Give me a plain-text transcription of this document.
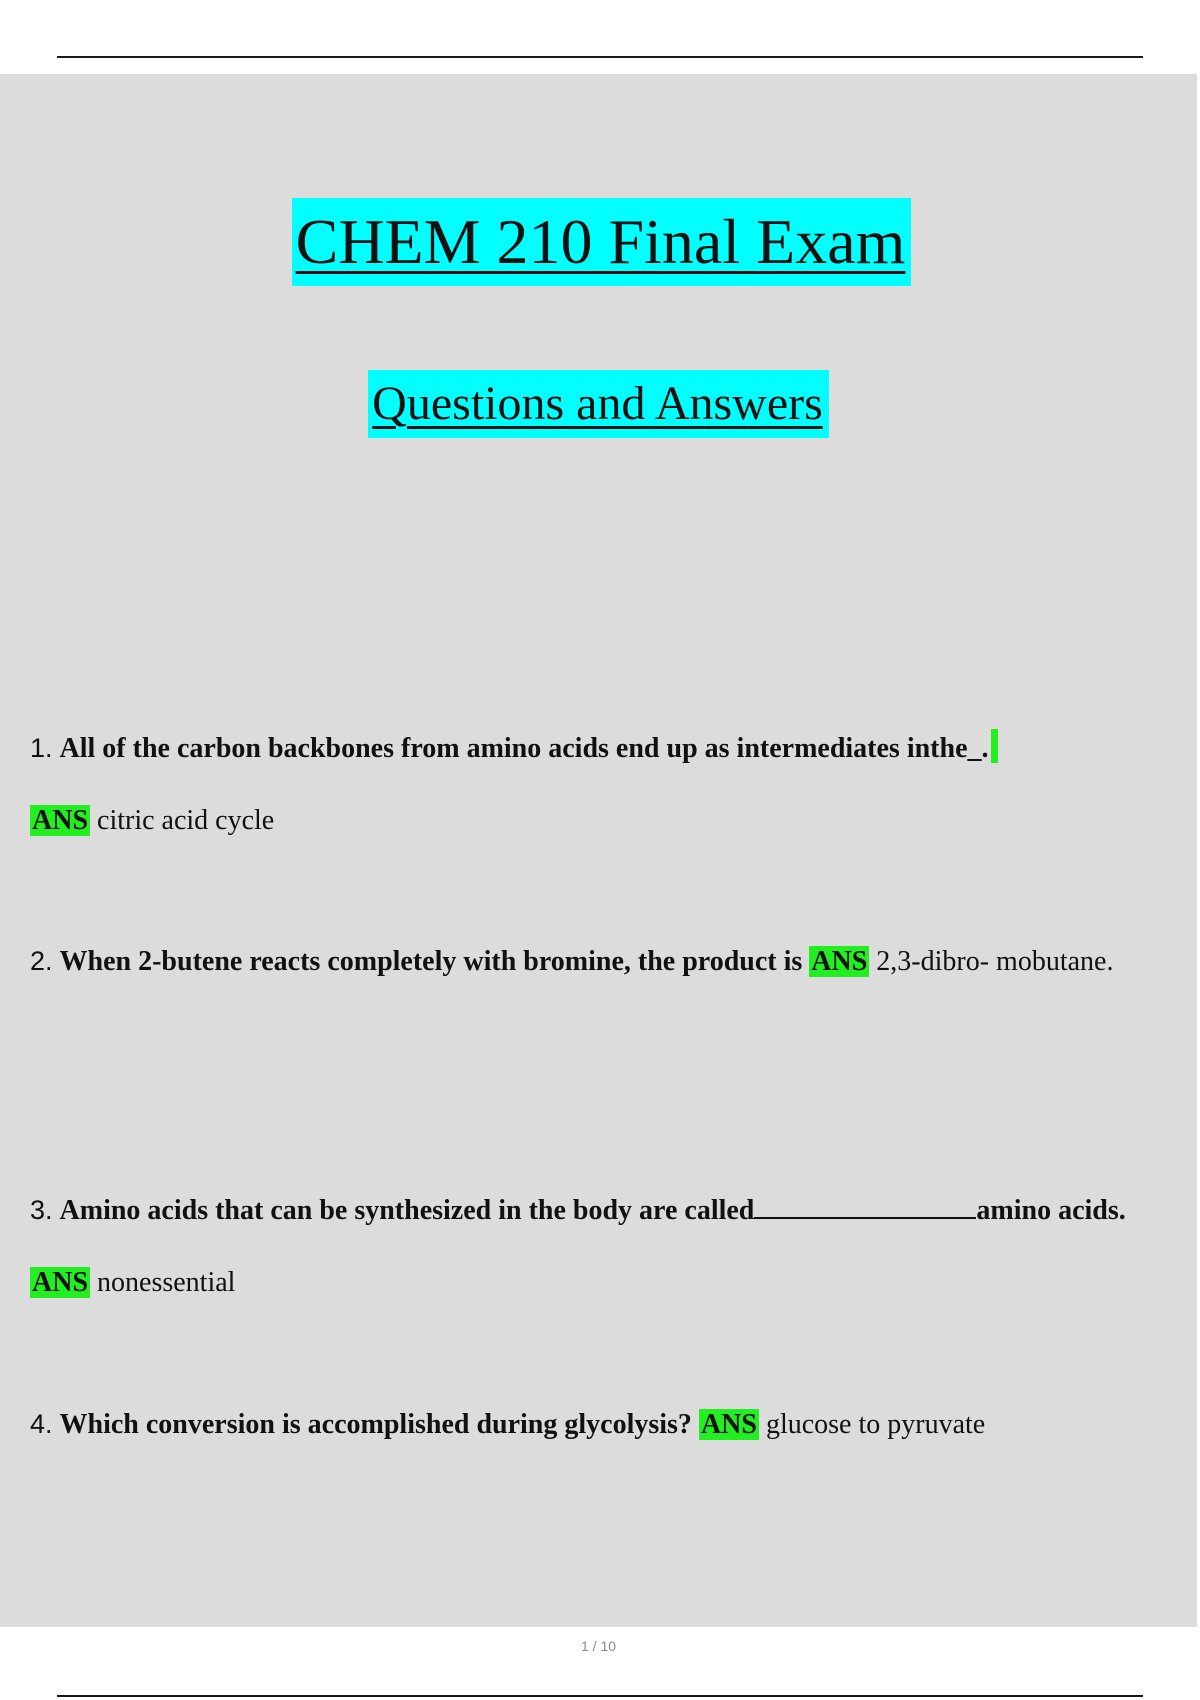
CHEM 210 Final Exam
Questions and Answers
1. All of the carbon backbones from amino acids end up as intermediates inthe_.
ANS citric acid cycle
2. When 2-butene reacts completely with bromine, the product is ANS 2,3-dibro- mobutane.
3. Amino acids that can be synthesized in the body are called	amino acids. ANS nonessential
4. Which conversion is accomplished during glycolysis? ANS glucose to pyruvate
1 / 10
